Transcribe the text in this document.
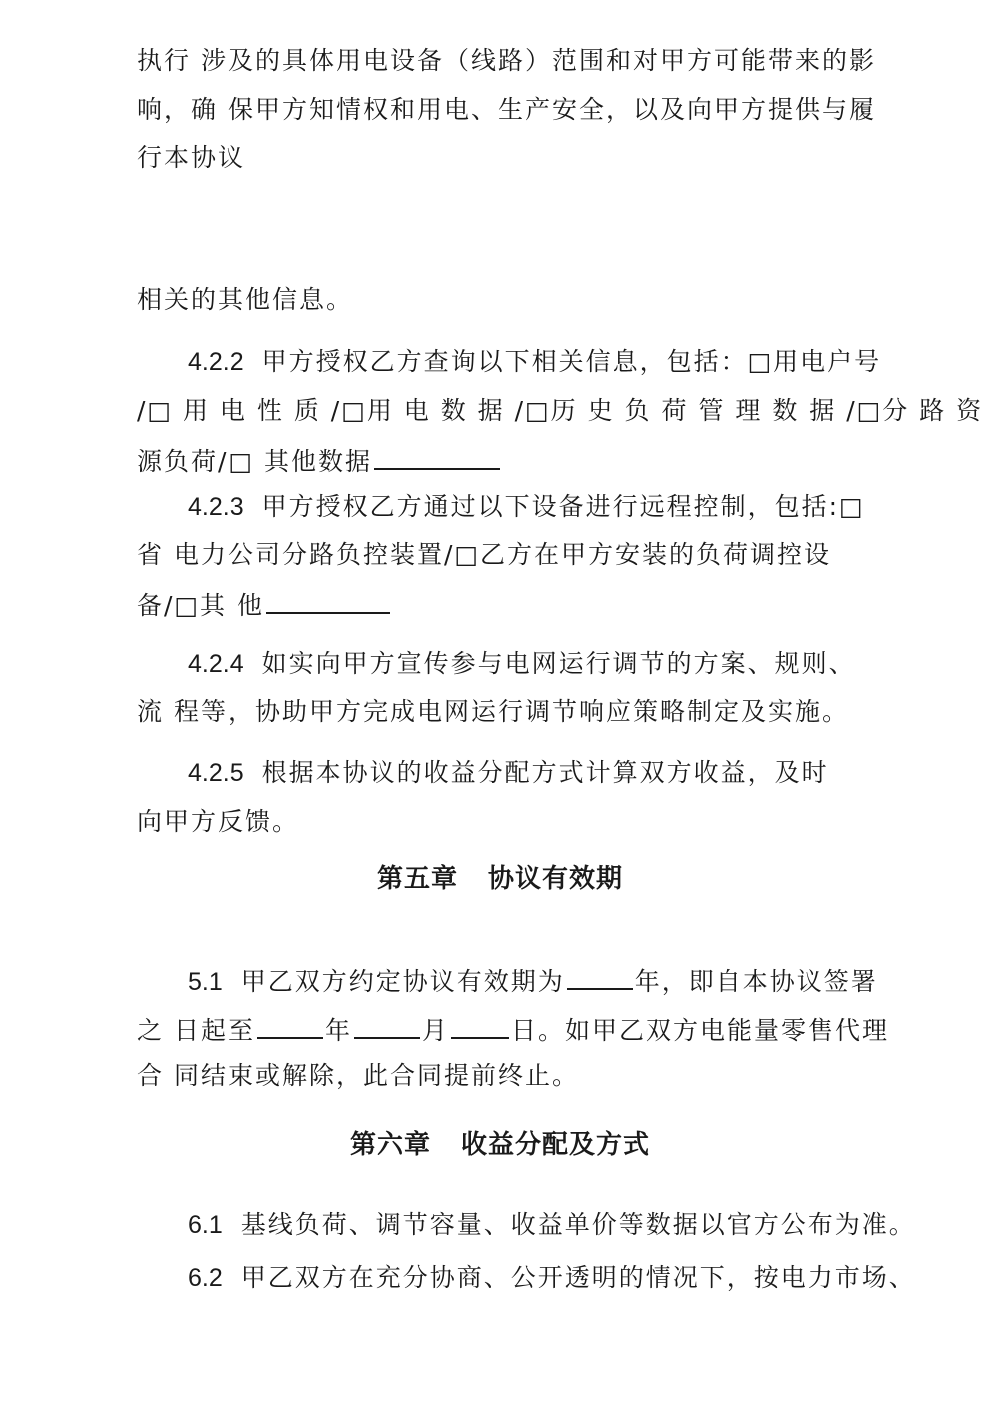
执行 涉及的具体用电设备（线路）范围和对甲方可能带来的影
响，确 保甲方知情权和用电、生产安全，以及向甲方提供与履
行本协议
相关的其他信息。
4.2.2 甲方授权乙方查询以下相关信息，包括：□用电户号
/□ 用 电 性 质 /□用 电 数 据 /□历 史 负 荷 管 理 数 据 /□分 路 资
源负荷/□ 其他数据
4.2.3 甲方授权乙方通过以下设备进行远程控制，包括:□
省 电力公司分路负控装置/□乙方在甲方安装的负荷调控设
备/□其 他
4.2.4 如实向甲方宣传参与电网运行调节的方案、规则、
流 程等，协助甲方完成电网运行调节响应策略制定及实施。
4.2.5 根据本协议的收益分配方式计算双方收益，及时
向甲方反馈。
第五章 协议有效期
5.1 甲乙双方约定协议有效期为	年，即自本协议签署
之 日起至	年	月 日。如甲乙双方电能量零售代理
合 同结束或解除，此合同提前终止。
第六章 收益分配及方式
6.1 基线负荷、调节容量、收益单价等数据以官方公布为准。
6.2 甲乙双方在充分协商、公开透明的情况下，按电力市场、
